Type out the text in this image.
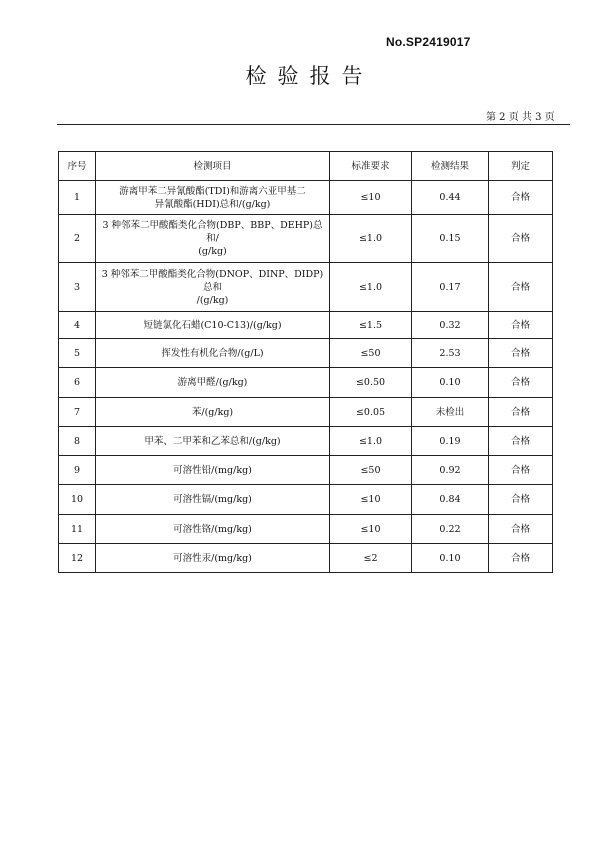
No.SP2419017
检验报告
第 2 页 共 3 页
序号	检测项目	标准要求	检测结果	判定
1	游离甲苯二异氰酸酯(TDI)和游离六亚甲基二
异氰酸酯(HDI)总和/(g/kg)	≤10	0.44	合格
2	3 种邻苯二甲酸酯类化合物(DBP、BBP、DEHP)总
和/
(g/kg)	≤1.0	0.15	合格
3	3 种邻苯二甲酸酯类化合物(DNOP、DINP、DIDP)
总和
/(g/kg)	≤1.0	0.17	合格
4	短链氯化石蜡(C10-C13)/(g/kg)	≤1.5	0.32	合格
5	挥发性有机化合物/(g/L)	≤50	2.53	合格
6	游离甲醛/(g/kg)	≤0.50	0.10	合格
7	苯/(g/kg)	≤0.05	未检出	合格
8	甲苯、二甲苯和乙苯总和/(g/kg)	≤1.0	0.19	合格
9	可溶性铅/(mg/kg)	≤50	0.92	合格
10	可溶性镉/(mg/kg)	≤10	0.84	合格
11	可溶性铬/(mg/kg)	≤10	0.22	合格
12	可溶性汞/(mg/kg)	≤2	0.10	合格
